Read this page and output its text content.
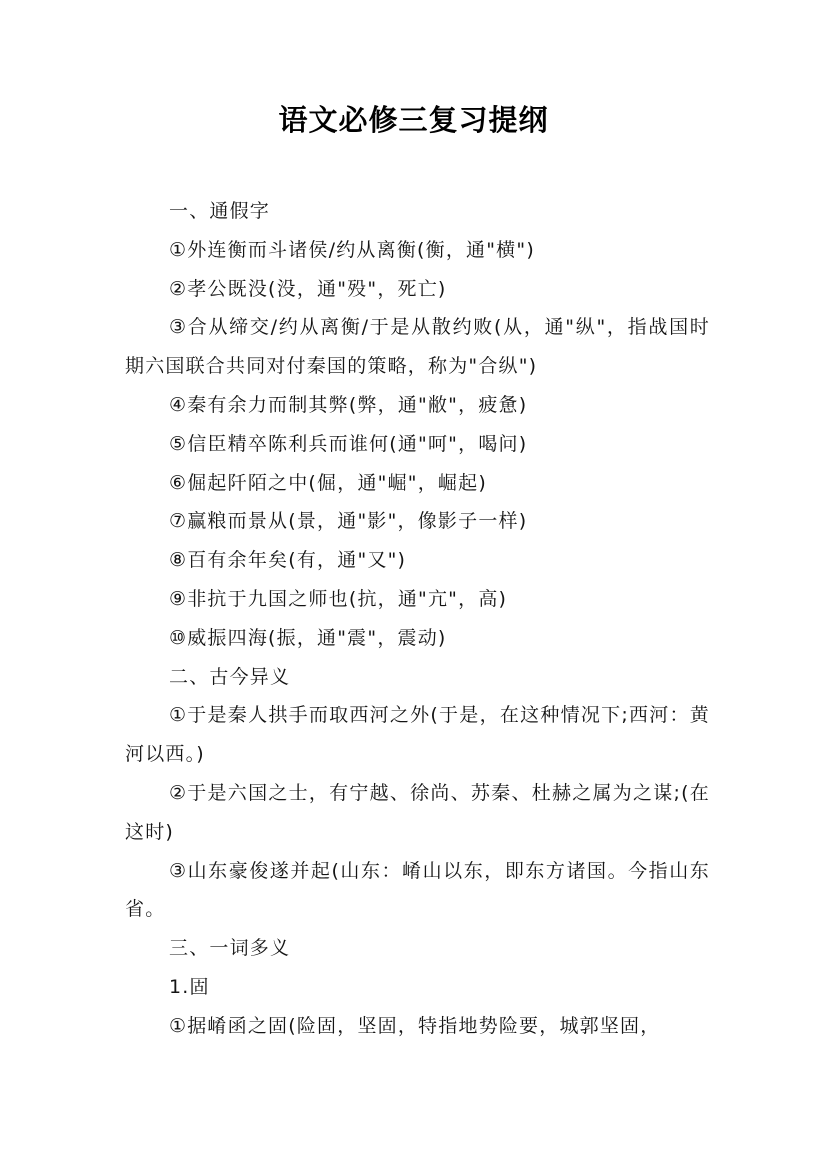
语文必修三复习提纲

一、通假字

①外连衡而斗诸侯/约从离衡(衡，通"横")

②孝公既没(没，通"殁"，死亡)

③合从缔交/约从离衡/于是从散约败(从，通"纵"，指战国时期六国联合共同对付秦国的策略，称为"合纵")

④秦有余力而制其弊(弊，通"敝"，疲惫)

⑤信臣精卒陈利兵而谁何(通"呵"，喝问)

⑥倔起阡陌之中(倔，通"崛"，崛起)

⑦赢粮而景从(景，通"影"，像影子一样)

⑧百有余年矣(有，通"又")

⑨非抗于九国之师也(抗，通"亢"，高)

⑩威振四海(振，通"震"，震动)

二、古今异义

①于是秦人拱手而取西河之外(于是，在这种情况下;西河：黄河以西。)

②于是六国之士，有宁越、徐尚、苏秦、杜赫之属为之谋;(在这时)

③山东豪俊遂并起(山东：崤山以东，即东方诸国。今指山东省。

三、一词多义

1.固

①据崤函之固(险固，坚固，特指地势险要，城郭坚固，
